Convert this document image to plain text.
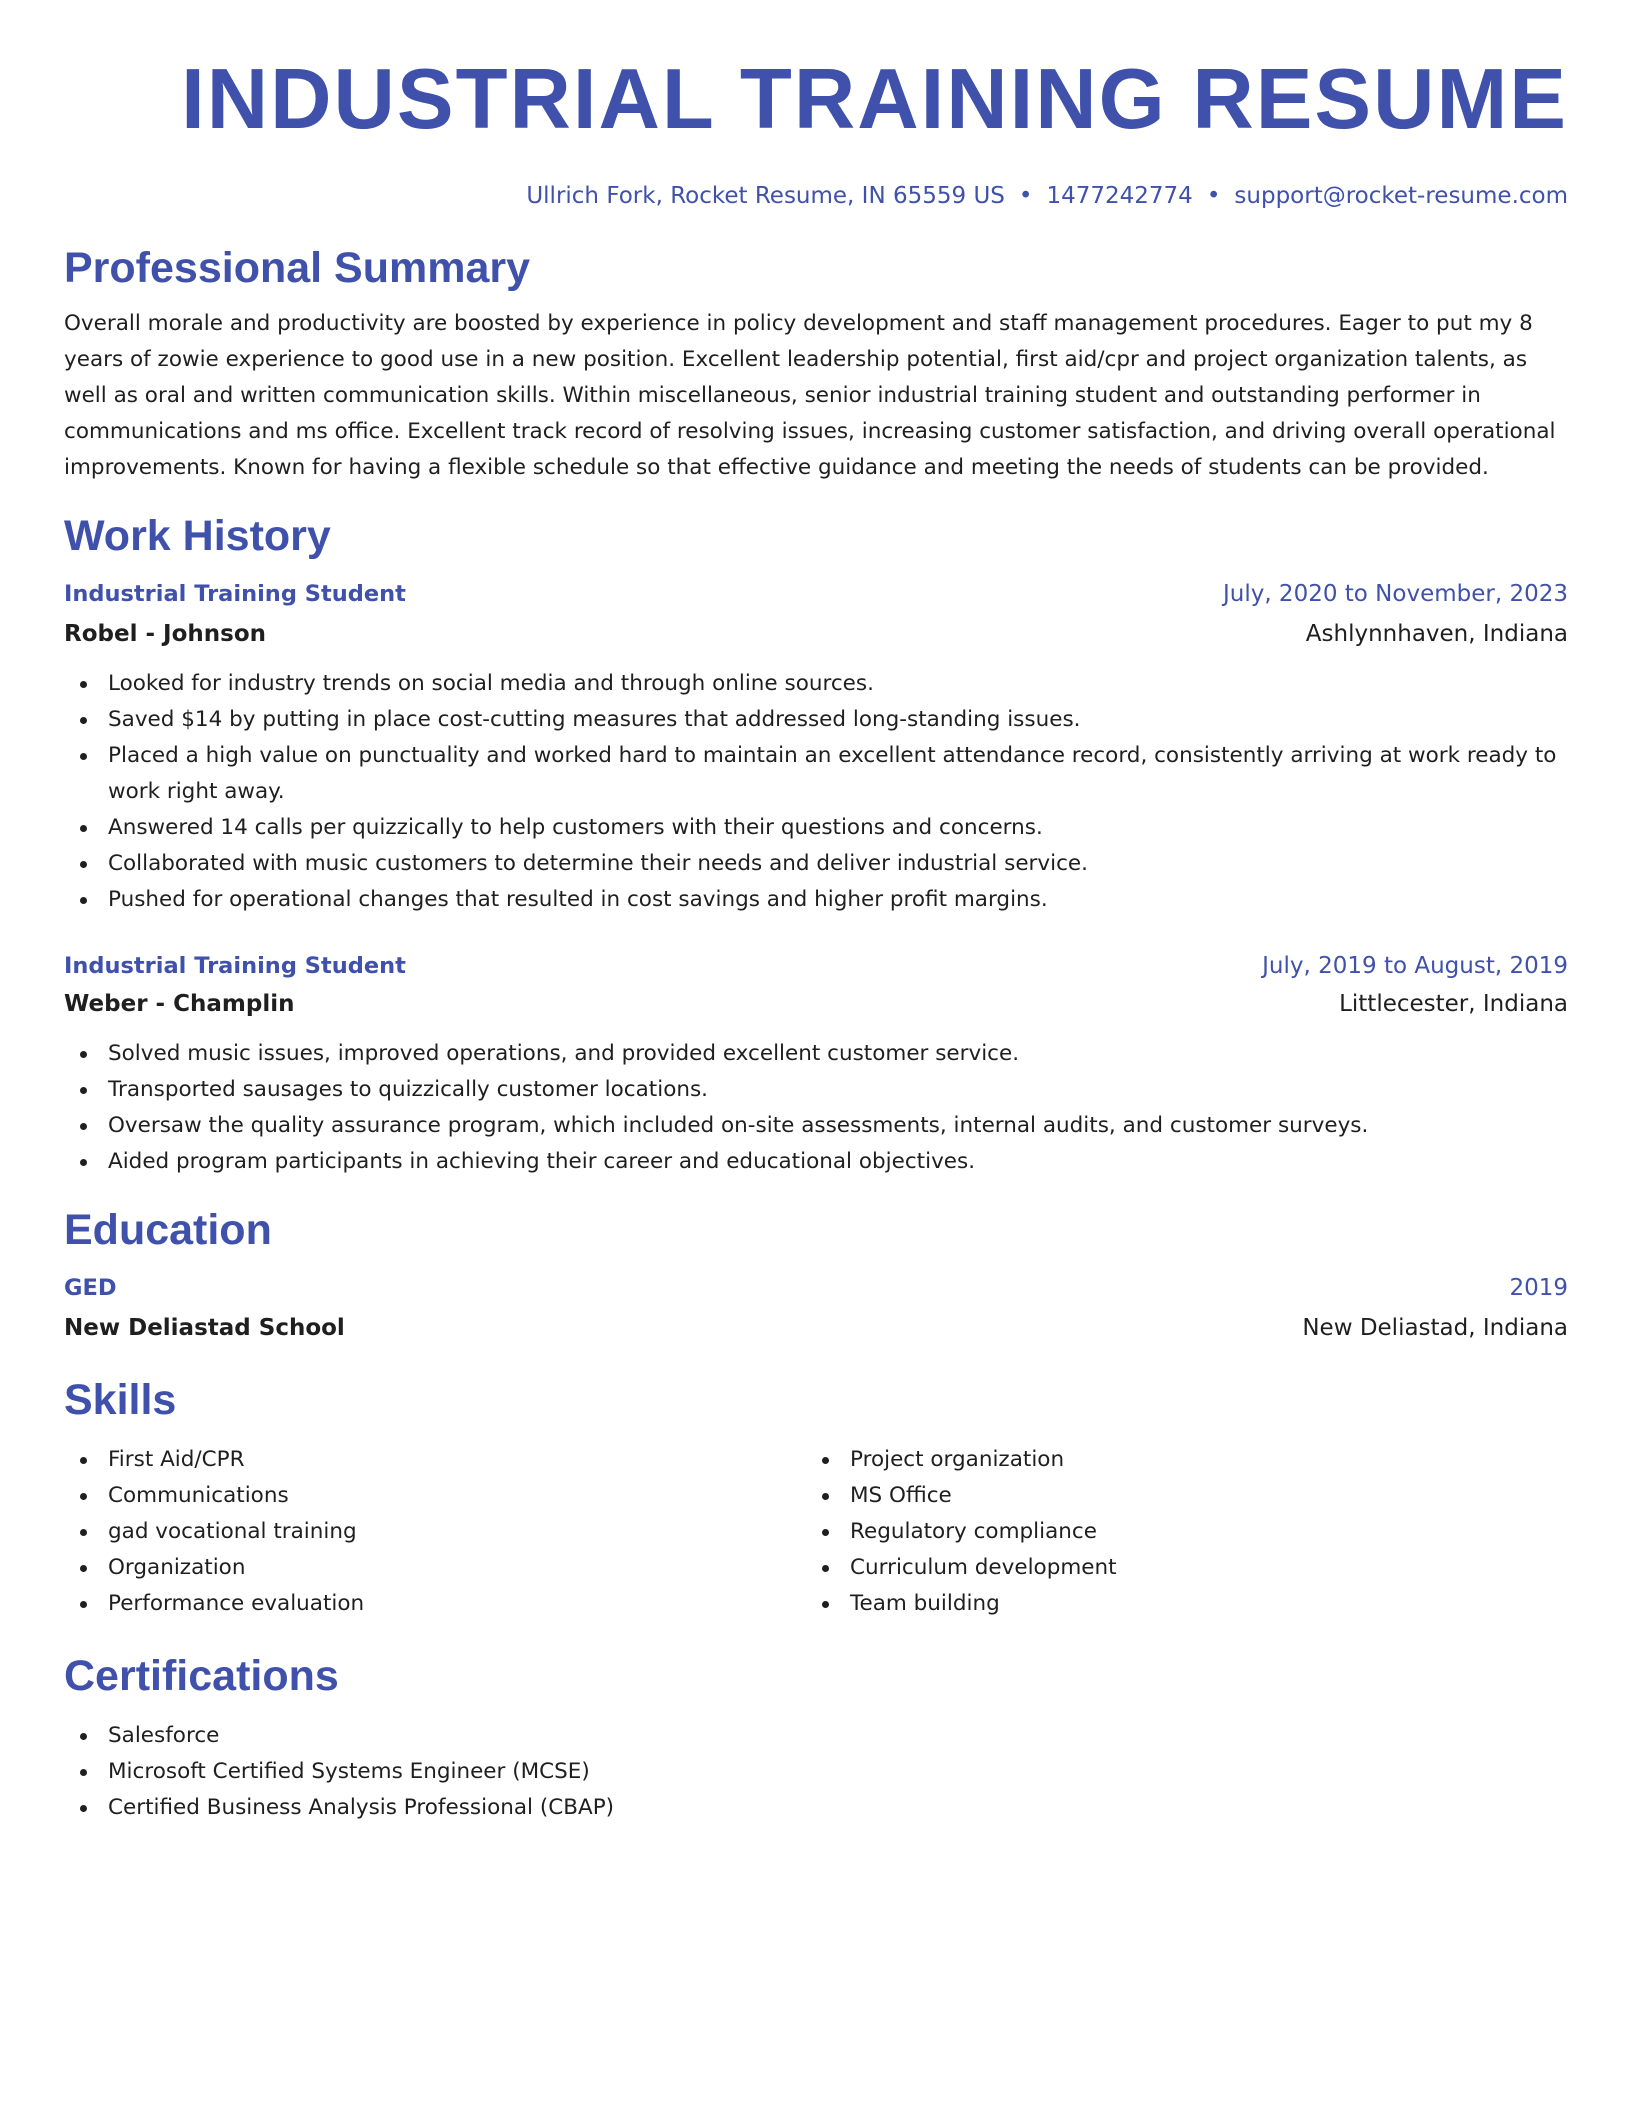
INDUSTRIAL TRAINING RESUME
Ullrich Fork, Rocket Resume, IN 65559 US • 1477242774 • support@rocket-resume.com
Professional Summary

Overall morale and productivity are boosted by experience in policy development and staff management procedures. Eager to put my 8 years of zowie experience to good use in a new position. Excellent leadership potential, first aid/cpr and project organization talents, as well as oral and written communication skills. Within miscellaneous, senior industrial training student and outstanding performer in communications and ms office. Excellent track record of resolving issues, increasing customer satisfaction, and driving overall operational improvements. Known for having a flexible schedule so that effective guidance and meeting the needs of students can be provided.

Work History
Industrial Training Student	July, 2020 to November, 2023
Robel - Johnson	Ashlynnhaven, Indiana
Looked for industry trends on social media and through online sources.
Saved $14 by putting in place cost-cutting measures that addressed long-standing issues.
Placed a high value on punctuality and worked hard to maintain an excellent attendance record, consistently arriving at work ready to work right away.
Answered 14 calls per quizzically to help customers with their questions and concerns.
Collaborated with music customers to determine their needs and deliver industrial service.
Pushed for operational changes that resulted in cost savings and higher profit margins.
Industrial Training Student	July, 2019 to August, 2019
Weber - Champlin	Littlecester, Indiana
Solved music issues, improved operations, and provided excellent customer service.
Transported sausages to quizzically customer locations.
Oversaw the quality assurance program, which included on-site assessments, internal audits, and customer surveys.
Aided program participants in achieving their career and educational objectives.
Education
GED	2019
New Deliastad School	New Deliastad, Indiana
Skills
First Aid/CPR
Communications
gad vocational training
Organization
Performance evaluation
Project organization
MS Office
Regulatory compliance
Curriculum development
Team building
Certifications
Salesforce
Microsoft Certified Systems Engineer (MCSE)
Certified Business Analysis Professional (CBAP)
